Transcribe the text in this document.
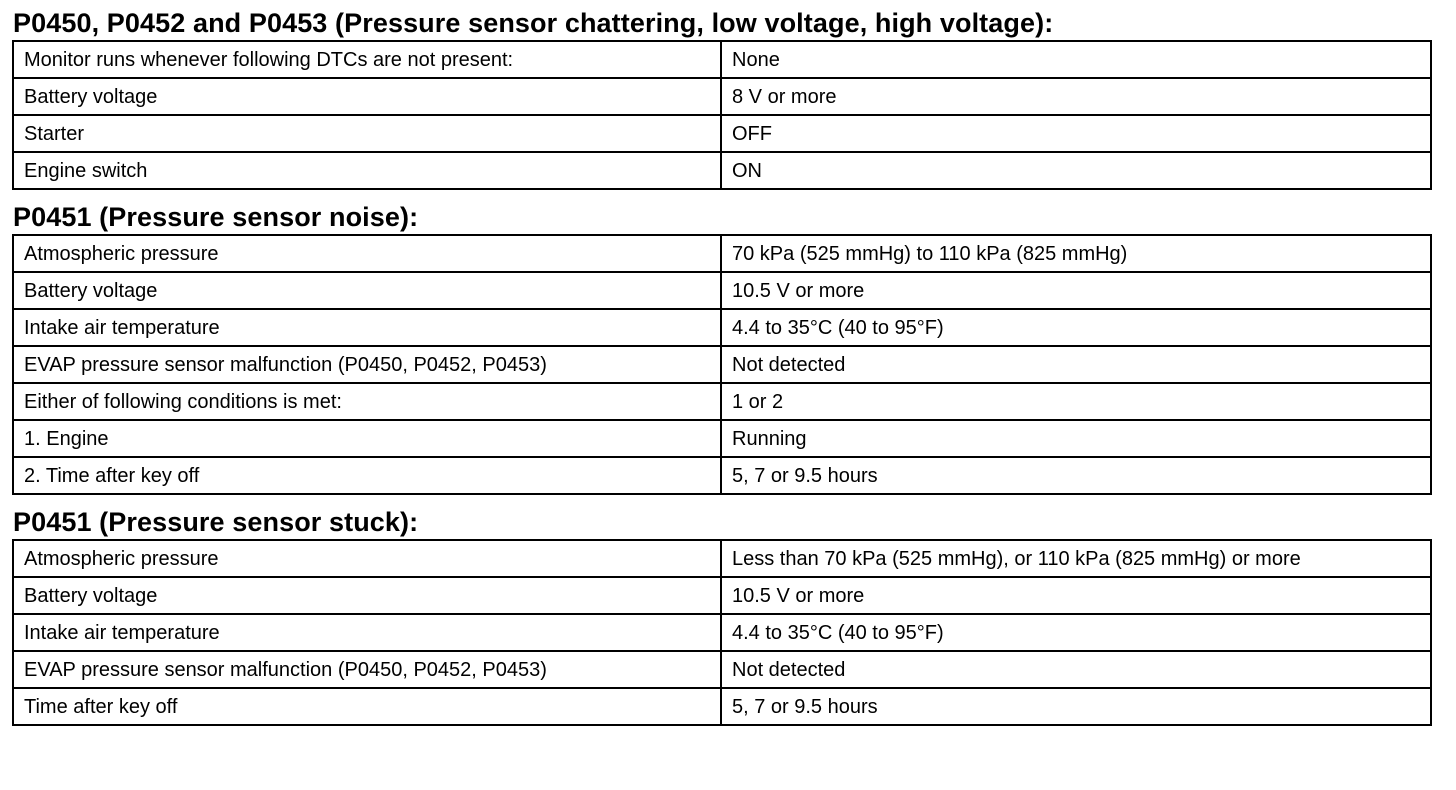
P0450, P0452 and P0453 (Pressure sensor chattering, low voltage, high voltage):
Monitor runs whenever following DTCs are not present:	None
Battery voltage	8 V or more
Starter	OFF
Engine switch	ON
P0451 (Pressure sensor noise):
Atmospheric pressure	70 kPa (525 mmHg) to 110 kPa (825 mmHg)
Battery voltage	10.5 V or more
Intake air temperature	4.4 to 35°C (40 to 95°F)
EVAP pressure sensor malfunction (P0450, P0452, P0453)	Not detected
Either of following conditions is met:	1 or 2
1. Engine	Running
2. Time after key off	5, 7 or 9.5 hours
P0451 (Pressure sensor stuck):
Atmospheric pressure	Less than 70 kPa (525 mmHg), or 110 kPa (825 mmHg) or more
Battery voltage	10.5 V or more
Intake air temperature	4.4 to 35°C (40 to 95°F)
EVAP pressure sensor malfunction (P0450, P0452, P0453)	Not detected
Time after key off	5, 7 or 9.5 hours
